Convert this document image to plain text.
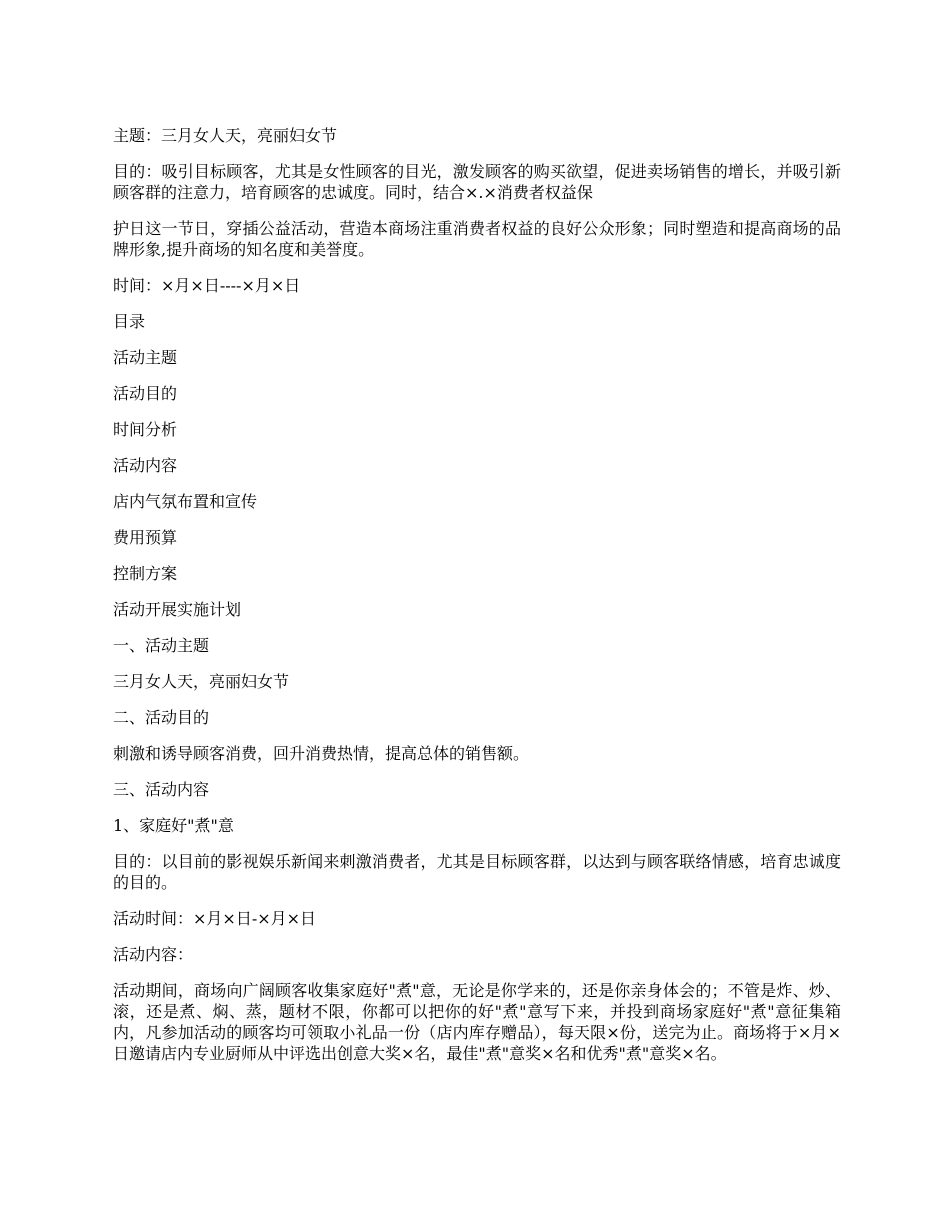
主题：三月女人天，亮丽妇女节

目的：吸引目标顾客，尤其是女性顾客的目光，激发顾客的购买欲望，促进卖场销售的增长，并吸引新顾客群的注意力，培育顾客的忠诚度。同时，结合×.×消费者权益保

护日这一节日，穿插公益活动，营造本商场注重消费者权益的良好公众形象；同时塑造和提高商场的品牌形象,提升商场的知名度和美誉度。

时间：×月×日----×月×日

目录

活动主题

活动目的

时间分析

活动内容

店内气氛布置和宣传

费用预算

控制方案

活动开展实施计划

一、活动主题

三月女人天，亮丽妇女节

二、活动目的

刺激和诱导顾客消费，回升消费热情，提高总体的销售额。

三、活动内容

1、家庭好"煮"意

目的：以目前的影视娱乐新闻来刺激消费者，尤其是目标顾客群，以达到与顾客联络情感，培育忠诚度的目的。

活动时间：×月×日-×月×日

活动内容：

活动期间，商场向广阔顾客收集家庭好"煮"意，无论是你学来的，还是你亲身体会的；不管是炸、炒、滚，还是煮、焖、蒸，题材不限，你都可以把你的好"煮"意写下来，并投到商场家庭好"煮"意征集箱内，凡参加活动的顾客均可领取小礼品一份（店内库存赠品），每天限×份，送完为止。商场将于×月×日邀请店内专业厨师从中评选出创意大奖×名，最佳"煮"意奖×名和优秀"煮"意奖×名。
